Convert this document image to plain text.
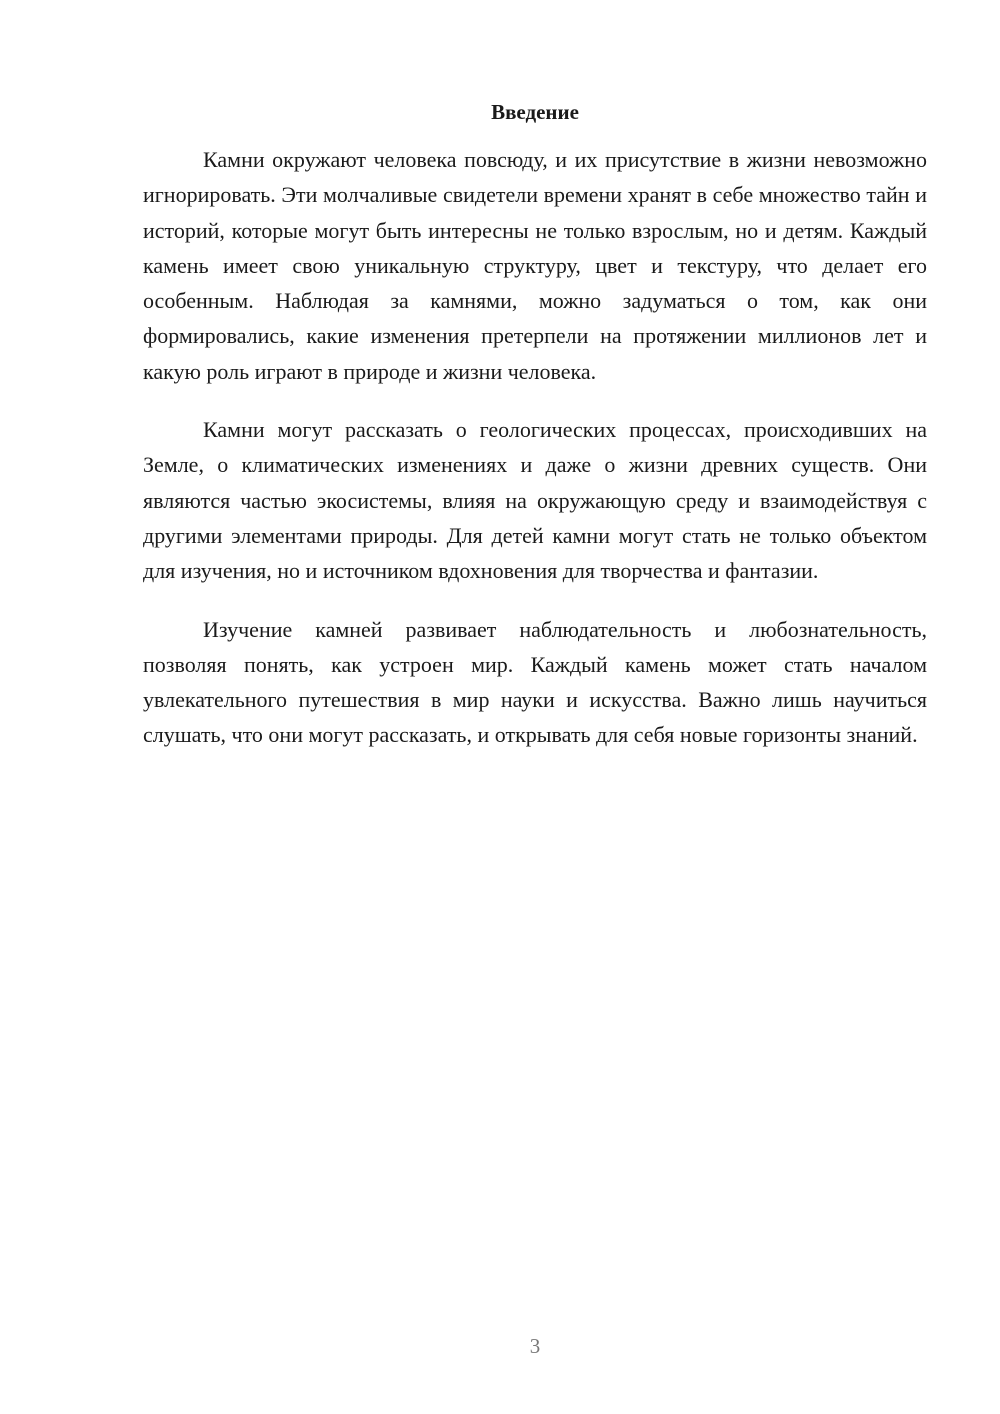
Введение

Камни окружают человека повсюду, и их присутствие в жизни невозможно игнорировать. Эти молчаливые свидетели времени хранят в себе множество тайн и историй, которые могут быть интересны не только взрослым, но и детям. Каждый камень имеет свою уникальную структуру, цвет и текстуру, что делает его особенным. Наблюдая за камнями, можно задуматься о том, как они формировались, какие изменения претерпели на протяжении миллионов лет и какую роль играют в природе и жизни человека.

Камни могут рассказать о геологических процессах, происходивших на Земле, о климатических изменениях и даже о жизни древних существ. Они являются частью экосистемы, влияя на окружающую среду и взаимодействуя с другими элементами природы. Для детей камни могут стать не только объектом для изучения, но и источником вдохновения для творчества и фантазии.

Изучение камней развивает наблюдательность и любознательность, позволяя понять, как устроен мир. Каждый камень может стать началом увлекательного путешествия в мир науки и искусства. Важно лишь научиться слушать, что они могут рассказать, и открывать для себя новые горизонты знаний.

3
